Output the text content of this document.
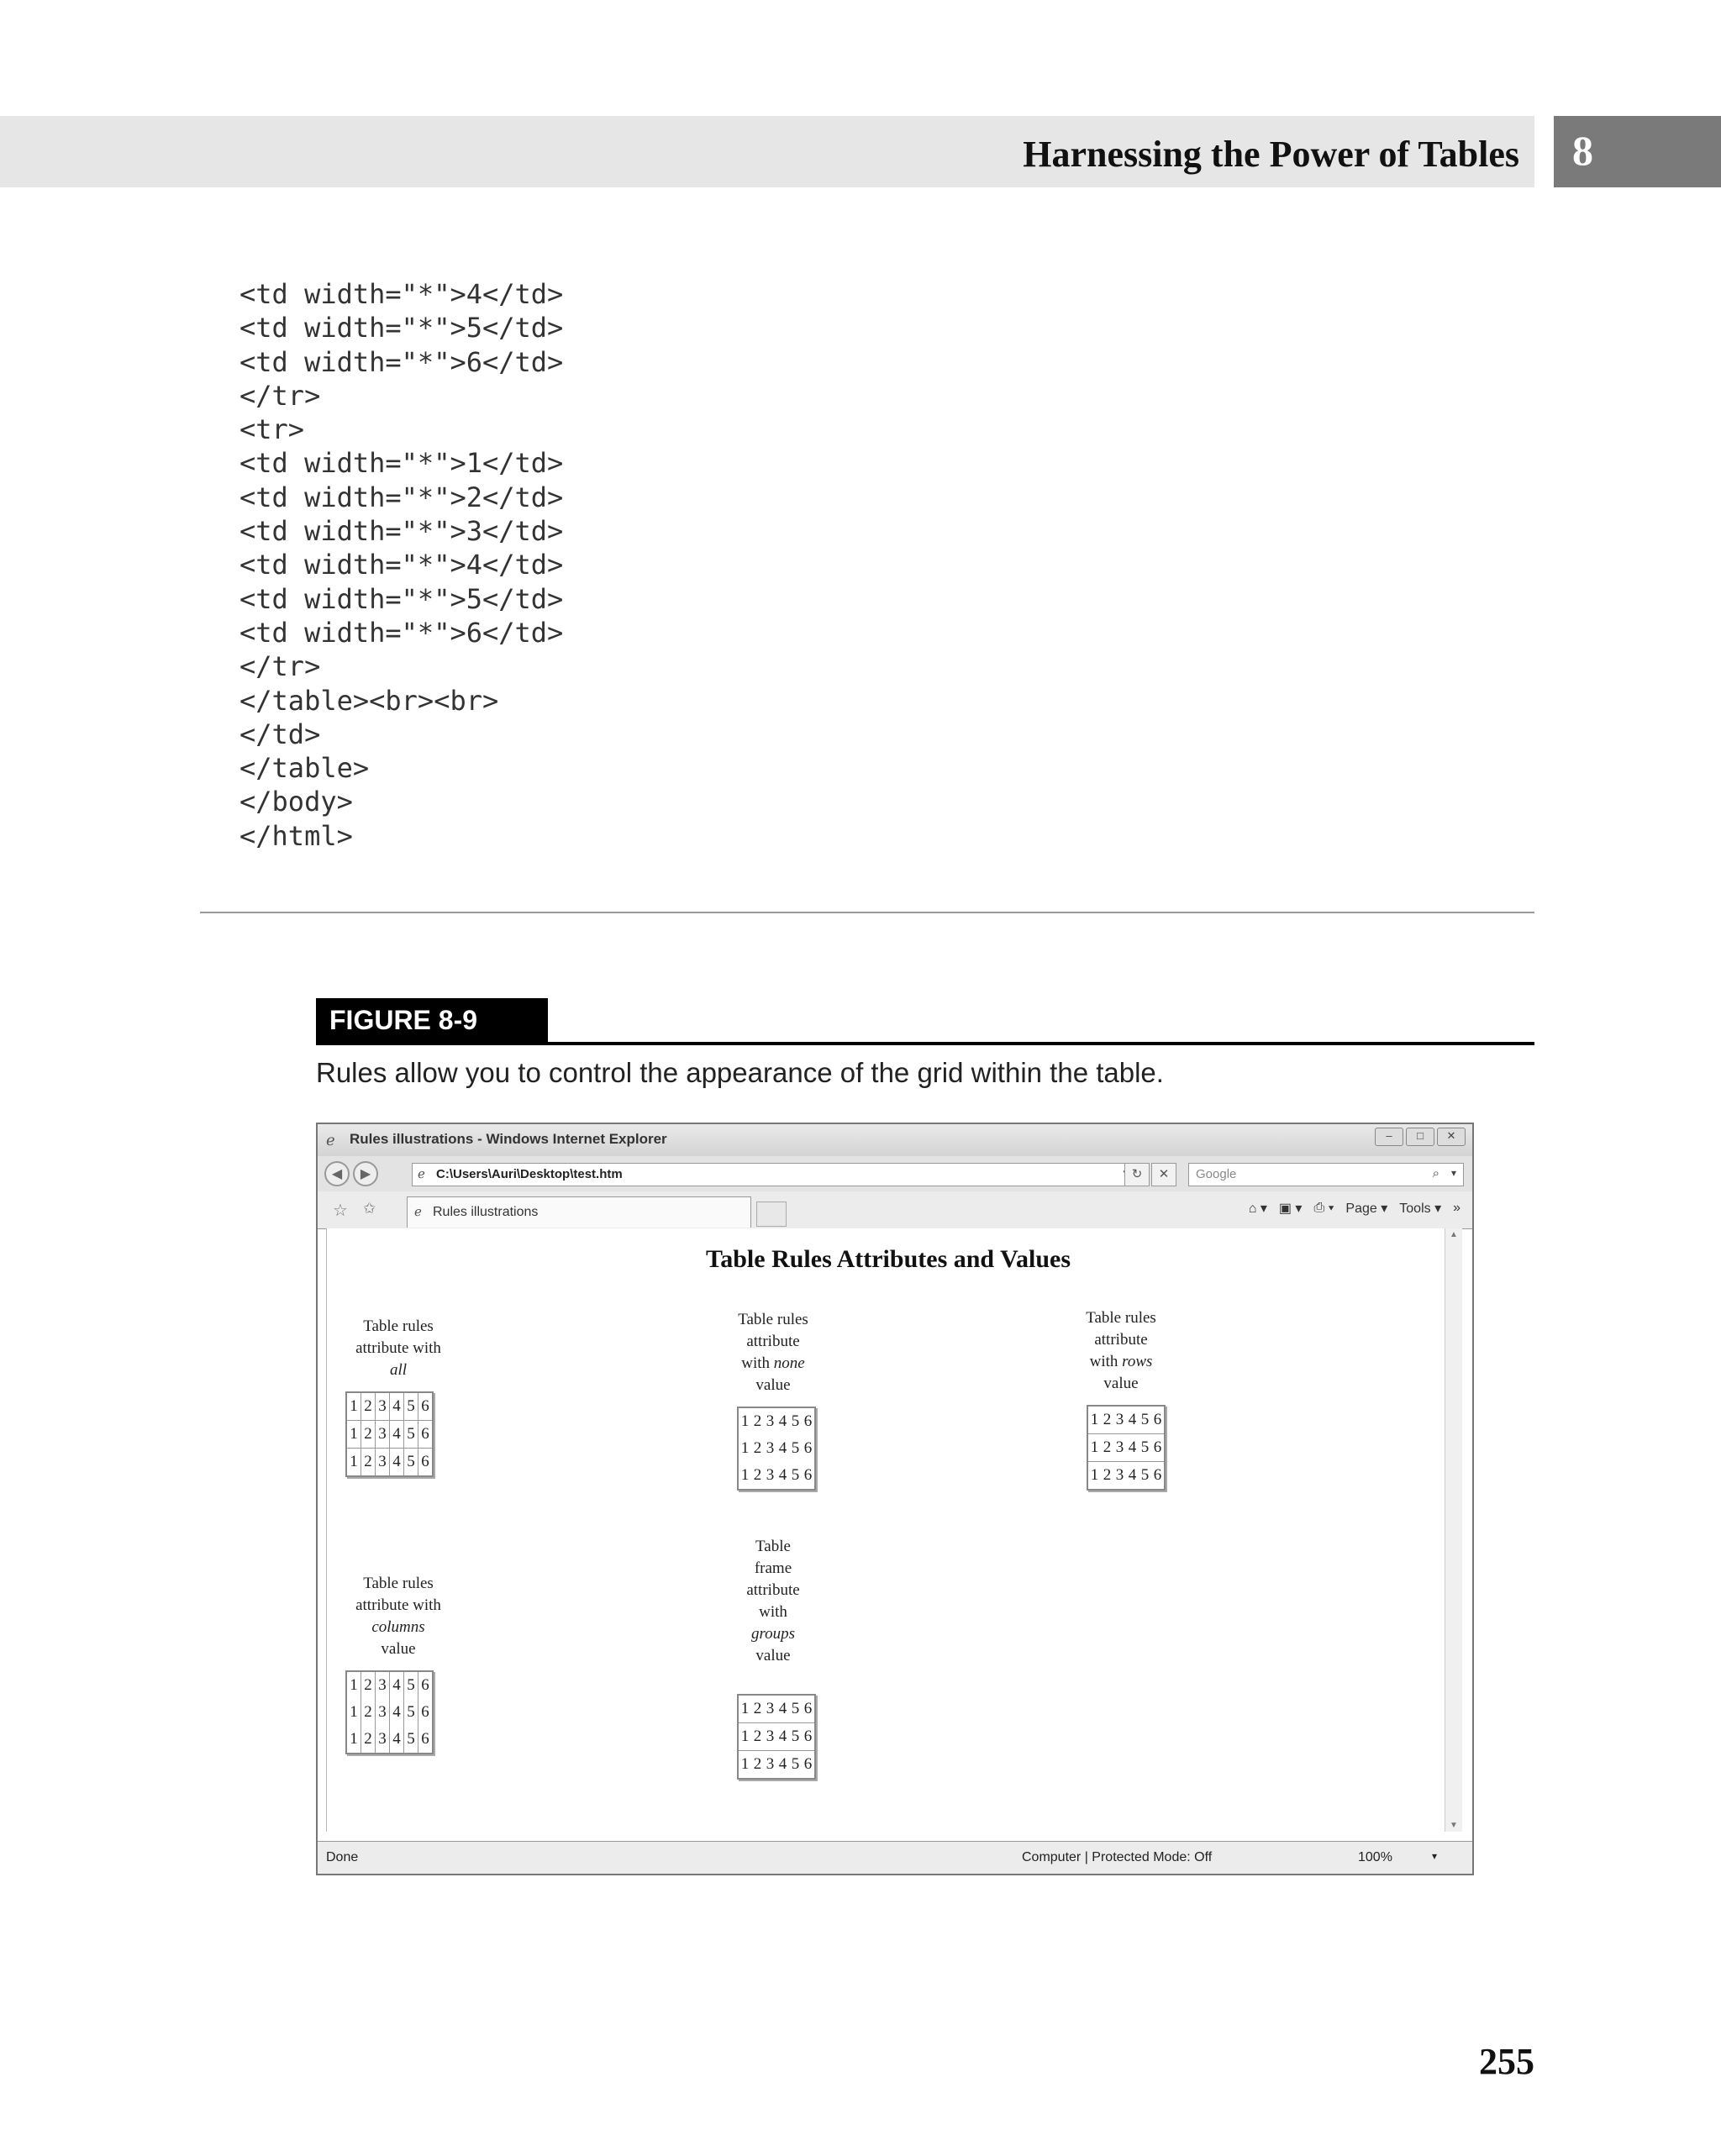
Harnessing the Power of Tables 8
<td width="*">4</td>
<td width="*">5</td>
<td width="*">6</td>
</tr>
<tr>
<td width="*">1</td>
<td width="*">2</td>
<td width="*">3</td>
<td width="*">4</td>
<td width="*">5</td>
<td width="*">6</td>
</tr>
</table><br><br>
</td>
</table>
</body>
</html>
FIGURE 8-9
Rules allow you to control the appearance of the grid within the table.
ℯ Rules illustrations - Windows Internet Explorer	–	□	✕
◀	▶	ℯ C:\Users\Auri\Desktop\test.htm	↻	✕	Google	⌕ ▾
☆ ✩	ℯ Rules illustrations	⌂ ▾ ▣ ▾ ⎙ ▾ Page ▾ Tools ▾ »
Table Rules Attributes and Values
Table rules
attribute with
all
1	2	3	4	5	6
1	2	3	4	5	6
1	2	3	4	5	6
Table rules
attribute
with none
value
1	2	3	4	5	6
1	2	3	4	5	6
1	2	3	4	5	6
Table rules
attribute
with rows
value
1	2	3	4	5	6
1	2	3	4	5	6
1	2	3	4	5	6
Table rules
attribute with
columns
value
1	2	3	4	5	6
1	2	3	4	5	6
1	2	3	4	5	6
Table
frame
attribute
with
groups
value
1	2	3	4	5	6
1	2	3	4	5	6
1	2	3	4	5	6
▲
▼
Done	Computer | Protected Mode: Off	100%	▾
255
